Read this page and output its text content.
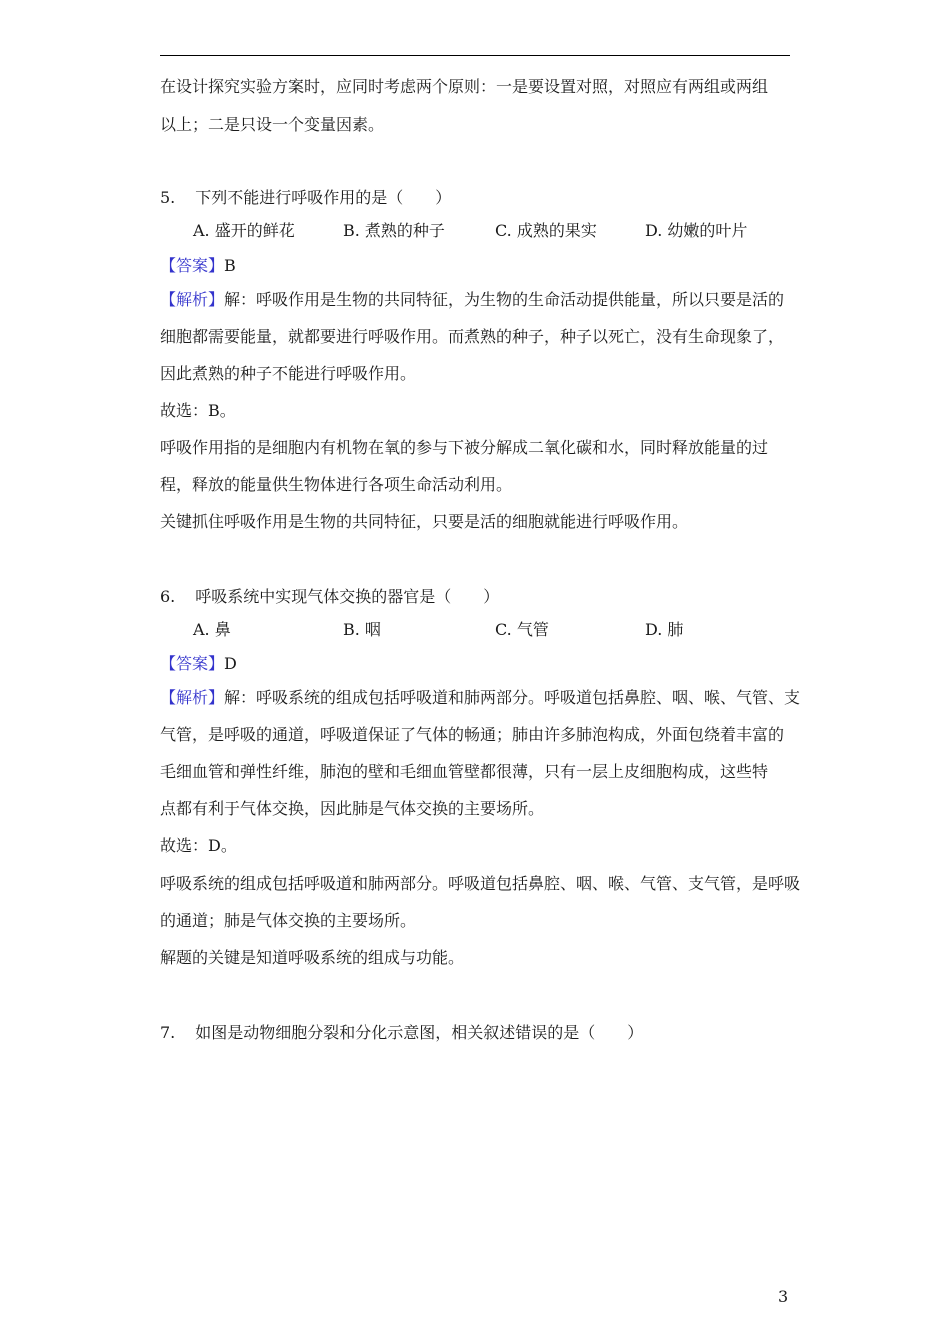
在设计探究实验方案时，应同时考虑两个原则：一是要设置对照，对照应有两组或两组
以上；二是只设一个变量因素。
5. 下列不能进行呼吸作用的是（　　）
A. 盛开的鲜花	B. 煮熟的种子	C. 成熟的果实	D. 幼嫩的叶片
【答案】B
【解析】解：呼吸作用是生物的共同特征，为生物的生命活动提供能量，所以只要是活的
细胞都需要能量，就都要进行呼吸作用。而煮熟的种子，种子以死亡，没有生命现象了，
因此煮熟的种子不能进行呼吸作用。
故选：B。
呼吸作用指的是细胞内有机物在氧的参与下被分解成二氧化碳和水，同时释放能量的过
程，释放的能量供生物体进行各项生命活动利用。
关键抓住呼吸作用是生物的共同特征，只要是活的细胞就能进行呼吸作用。
6. 呼吸系统中实现气体交换的器官是（　　）
A. 鼻	B. 咽	C. 气管	D. 肺
【答案】D
【解析】解：呼吸系统的组成包括呼吸道和肺两部分。呼吸道包括鼻腔、咽、喉、气管、支
气管，是呼吸的通道，呼吸道保证了气体的畅通；肺由许多肺泡构成，外面包绕着丰富的
毛细血管和弹性纤维，肺泡的壁和毛细血管壁都很薄，只有一层上皮细胞构成，这些特
点都有利于气体交换，因此肺是气体交换的主要场所。
故选：D。
呼吸系统的组成包括呼吸道和肺两部分。呼吸道包括鼻腔、咽、喉、气管、支气管，是呼吸
的通道；肺是气体交换的主要场所。
解题的关键是知道呼吸系统的组成与功能。
7. 如图是动物细胞分裂和分化示意图，相关叙述错误的是（　　）
3
